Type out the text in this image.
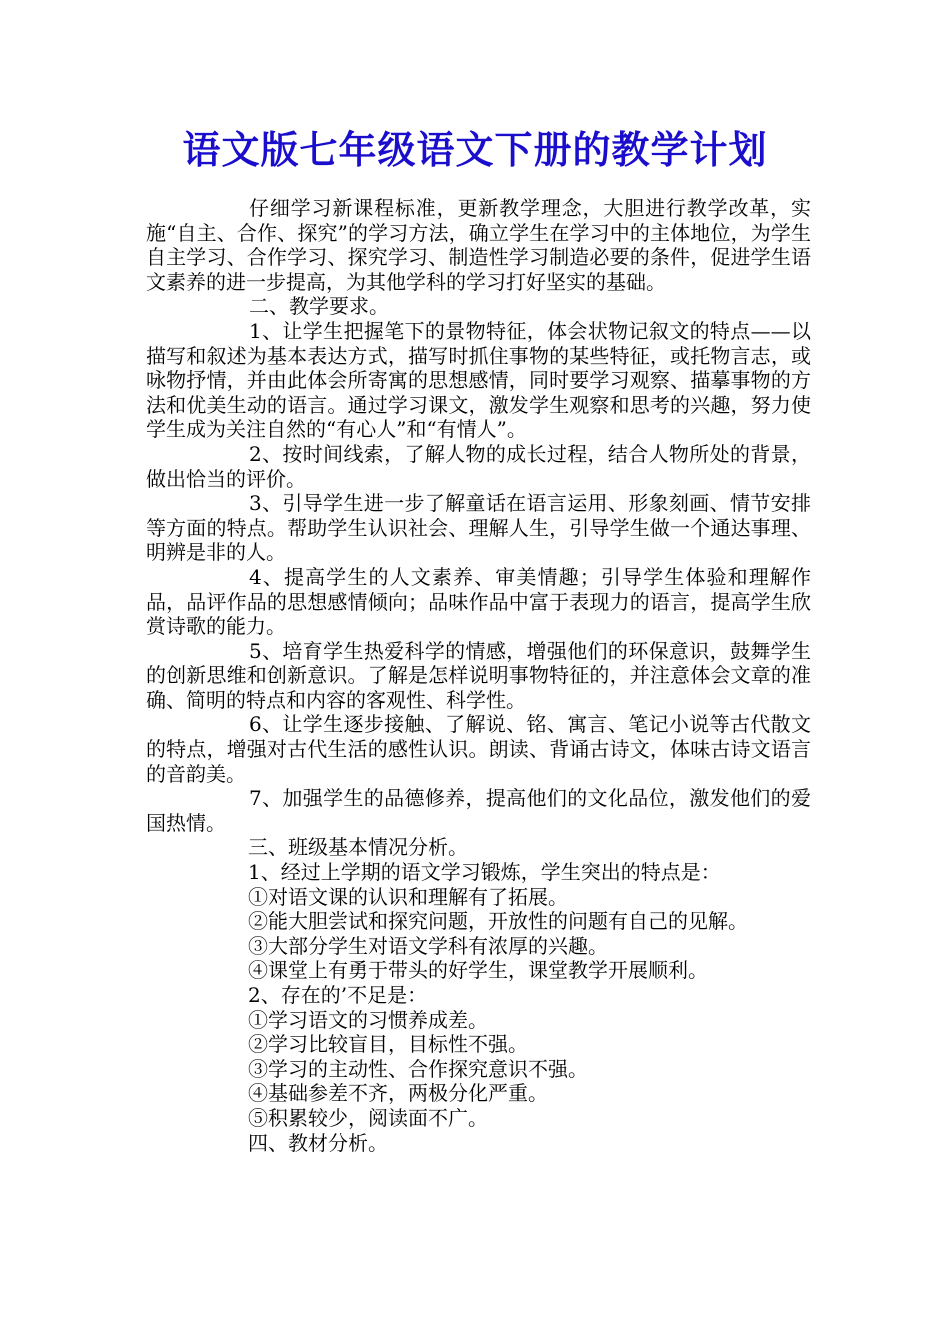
语文版七年级语文下册的教学计划

仔细学习新课程标准，更新教学理念，大胆进行教学改革，实施“自主、合作、探究”的学习方法，确立学生在学习中的主体地位，为学生自主学习、合作学习、探究学习、制造性学习制造必要的条件，促进学生语文素养的进一步提高，为其他学科的学习打好坚实的基础。

二、教学要求。

1、让学生把握笔下的景物特征，体会状物记叙文的特点——以描写和叙述为基本表达方式，描写时抓住事物的某些特征，或托物言志，或咏物抒情，并由此体会所寄寓的思想感情，同时要学习观察、描摹事物的方法和优美生动的语言。通过学习课文，激发学生观察和思考的兴趣，努力使学生成为关注自然的“有心人”和“有情人”。

2、按时间线索，了解人物的成长过程，结合人物所处的背景，做出恰当的评价。

3、引导学生进一步了解童话在语言运用、形象刻画、情节安排等方面的特点。帮助学生认识社会、理解人生，引导学生做一个通达事理、明辨是非的人。

4、提高学生的人文素养、审美情趣；引导学生体验和理解作品，品评作品的思想感情倾向；品味作品中富于表现力的语言，提高学生欣赏诗歌的能力。

5、培育学生热爱科学的情感，增强他们的环保意识，鼓舞学生的创新思维和创新意识。了解是怎样说明事物特征的，并注意体会文章的准确、简明的特点和内容的客观性、科学性。

6、让学生逐步接触、了解说、铭、寓言、笔记小说等古代散文的特点，增强对古代生活的感性认识。朗读、背诵古诗文，体味古诗文语言的音韵美。

7、加强学生的品德修养，提高他们的文化品位，激发他们的爱国热情。

三、班级基本情况分析。

1、经过上学期的语文学习锻炼，学生突出的特点是：

①对语文课的认识和理解有了拓展。

②能大胆尝试和探究问题，开放性的问题有自己的见解。

③大部分学生对语文学科有浓厚的兴趣。

④课堂上有勇于带头的好学生，课堂教学开展顺利。

2、存在的’不足是：

①学习语文的习惯养成差。

②学习比较盲目，目标性不强。

③学习的主动性、合作探究意识不强。

④基础参差不齐，两极分化严重。

⑤积累较少，阅读面不广。

四、教材分析。
